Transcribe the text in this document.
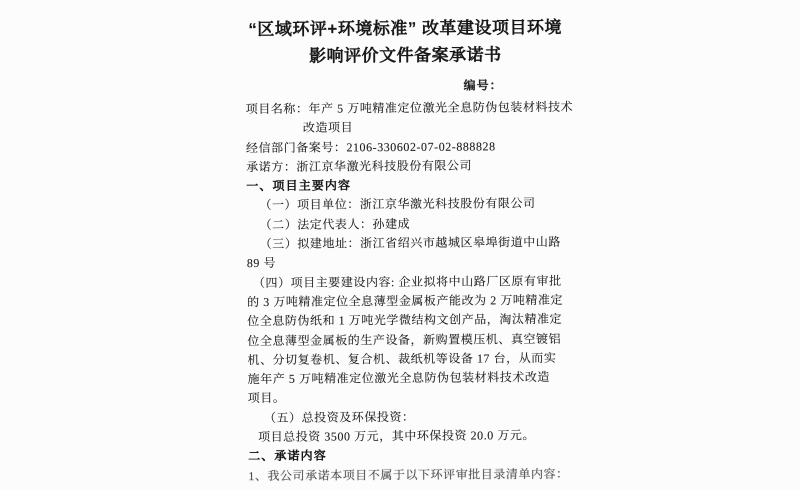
“区域环评+环境标准” 改革建设项目环境
影响评价文件备案承诺书
编号：
项目名称：年产 5 万吨精准定位激光全息防伪包装材料技术
改造项目
经信部门备案号：2106-330602-07-02-888828
承诺方：浙江京华激光科技股份有限公司
一、项目主要内容
（一）项目单位：浙江京华激光科技股份有限公司
（二）法定代表人：孙建成
（三）拟建地址：浙江省绍兴市越城区皋埠街道中山路
89 号
（四）项目主要建设内容: 企业拟将中山路厂区原有审批
的 3 万吨精准定位全息薄型金属板产能改为 2 万吨精准定
位全息防伪纸和 1 万吨光学微结构文创产品，淘汰精准定
位全息薄型金属板的生产设备，新购置模压机、真空镀铝
机、分切复卷机、复合机、裁纸机等设备 17 台，从而实
施年产 5 万吨精准定位激光全息防伪包装材料技术改造
项目。
（五）总投资及环保投资：
项目总投资 3500 万元，其中环保投资 20.0 万元。
二、承诺内容
1、我公司承诺本项目不属于以下环评审批目录清单内容：
